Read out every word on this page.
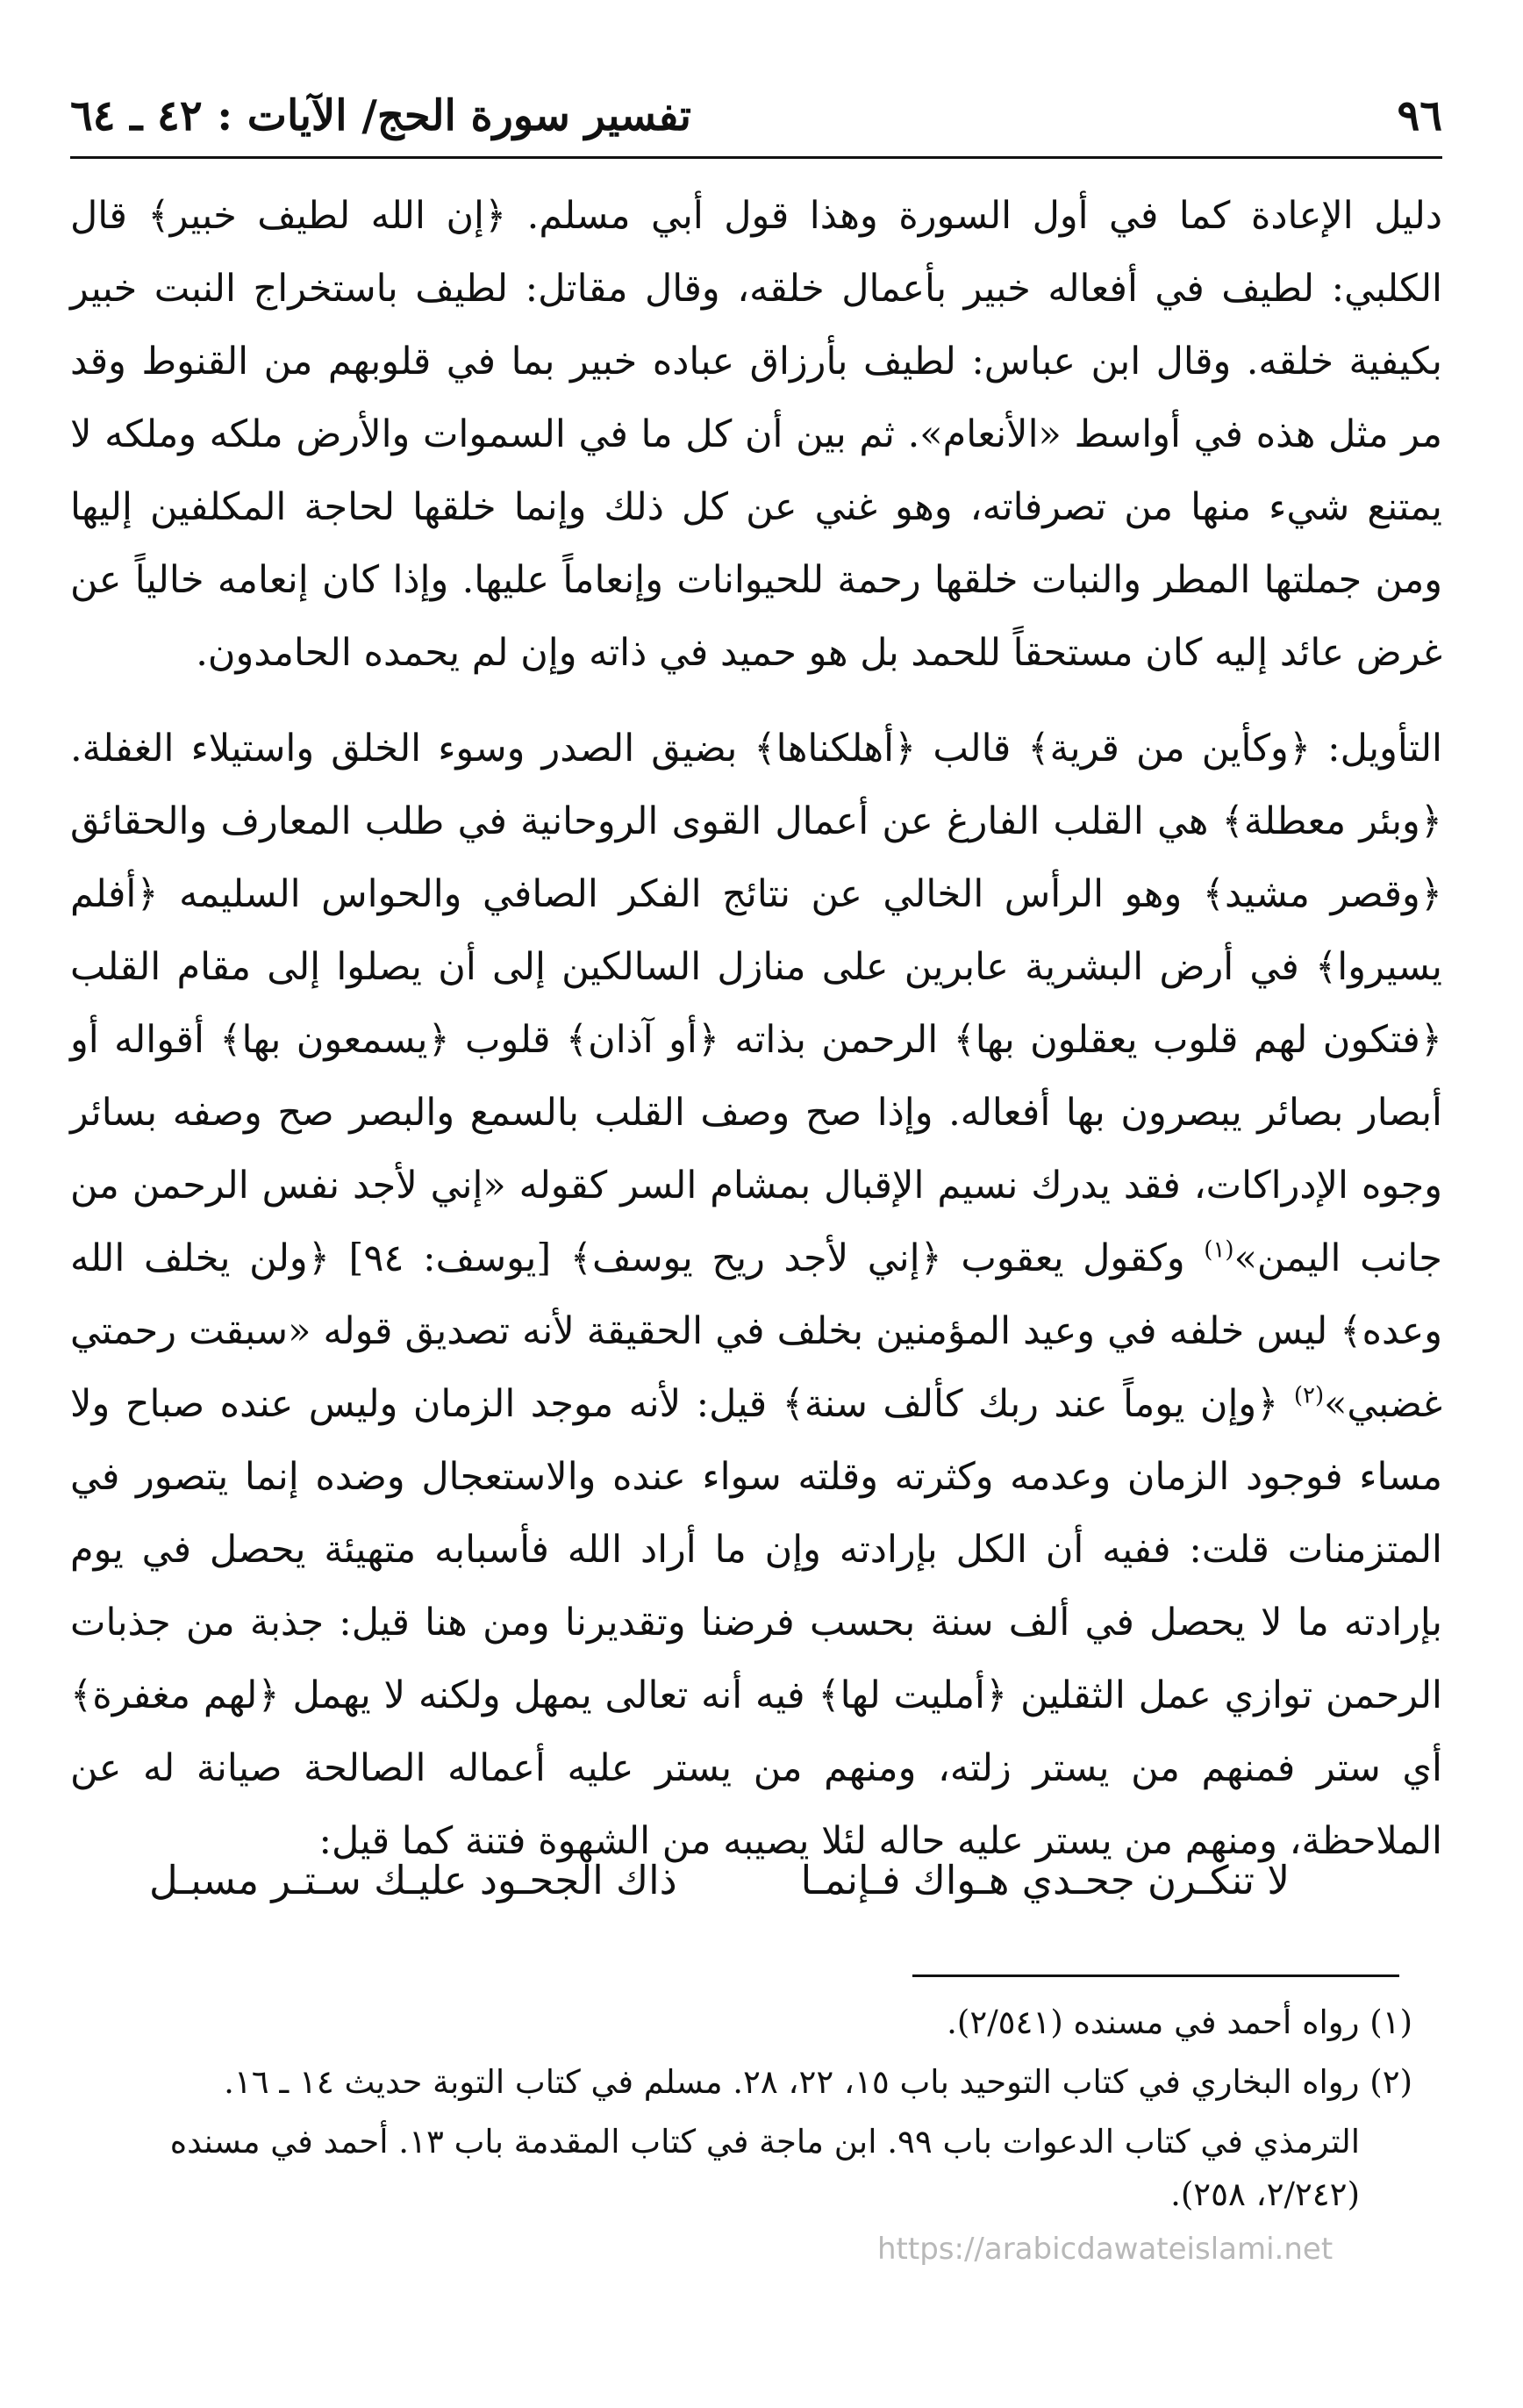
٩٦
تفسير سورة الحج/ الآيات : ٤٢ ـ ٦٤

دليل الإعادة كما في أول السورة وهذا قول أبي مسلم. ﴿إن الله لطيف خبير﴾ قال الكلبي: لطيف في أفعاله خبير بأعمال خلقه، وقال مقاتل: لطيف باستخراج النبت خبير بكيفية خلقه. وقال ابن عباس: لطيف بأرزاق عباده خبير بما في قلوبهم من القنوط وقد مر مثل هذه في أواسط «الأنعام». ثم بين أن كل ما في السموات والأرض ملكه وملكه لا يمتنع شيء منها من تصرفاته، وهو غني عن كل ذلك وإنما خلقها لحاجة المكلفين إليها ومن جملتها المطر والنبات خلقها رحمة للحيوانات وإنعاماً عليها. وإذا كان إنعامه خالياً عن غرض عائد إليه كان مستحقاً للحمد بل هو حميد في ذاته وإن لم يحمده الحامدون.

التأويل: ﴿وكأين من قرية﴾ قالب ﴿أهلكناها﴾ بضيق الصدر وسوء الخلق واستيلاء الغفلة. ﴿وبئر معطلة﴾ هي القلب الفارغ عن أعمال القوى الروحانية في طلب المعارف والحقائق ﴿وقصر مشيد﴾ وهو الرأس الخالي عن نتائج الفكر الصافي والحواس السليمه ﴿أفلم يسيروا﴾ في أرض البشرية عابرين على منازل السالكين إلى أن يصلوا إلى مقام القلب ﴿فتكون لهم قلوب يعقلون بها﴾ الرحمن بذاته ﴿أو آذان﴾ قلوب ﴿يسمعون بها﴾ أقواله أو أبصار بصائر يبصرون بها أفعاله. وإذا صح وصف القلب بالسمع والبصر صح وصفه بسائر وجوه الإدراكات، فقد يدرك نسيم الإقبال بمشام السر كقوله «إني لأجد نفس الرحمن من جانب اليمن»$^{(١)}$ وكقول يعقوب ﴿إني لأجد ريح يوسف﴾ [يوسف: ٩٤] ﴿ولن يخلف الله وعده﴾ ليس خلفه في وعيد المؤمنين بخلف في الحقيقة لأنه تصديق قوله «سبقت رحمتي غضبي»$^{(٢)}$ ﴿وإن يوماً عند ربك كألف سنة﴾ قيل: لأنه موجد الزمان وليس عنده صباح ولا مساء فوجود الزمان وعدمه وكثرته وقلته سواء عنده والاستعجال وضده إنما يتصور في المتزمنات قلت: ففيه أن الكل بإرادته وإن ما أراد الله فأسبابه متهيئة يحصل في يوم بإرادته ما لا يحصل في ألف سنة بحسب فرضنا وتقديرنا ومن هنا قيل: جذبة من جذبات الرحمن توازي عمل الثقلين ﴿أمليت لها﴾ فيه أنه تعالى يمهل ولكنه لا يهمل ﴿لهم مغفرة﴾ أي ستر فمنهم من يستر زلته، ومنهم من يستر عليه أعماله الصالحة صيانة له عن الملاحظة، ومنهم من يستر عليه حاله لئلا يصيبه من الشهوة فتنة كما قيل:

لا تنكـرن جحـدي هـواك فـإنمـا
ذاك الجحـود عليـك سـتـر مسبـل

(١) رواه أحمد في مسنده (٢/٥٤١).

(٢) رواه البخاري في كتاب التوحيد باب ١٥، ٢٢، ٢٨. مسلم في كتاب التوبة حديث ١٤ ـ ١٦.

الترمذي في كتاب الدعوات باب ٩٩. ابن ماجة في كتاب المقدمة باب ١٣. أحمد في مسنده (٢/٢٤٢، ٢٥٨).

https://arabicdawateislami.net
